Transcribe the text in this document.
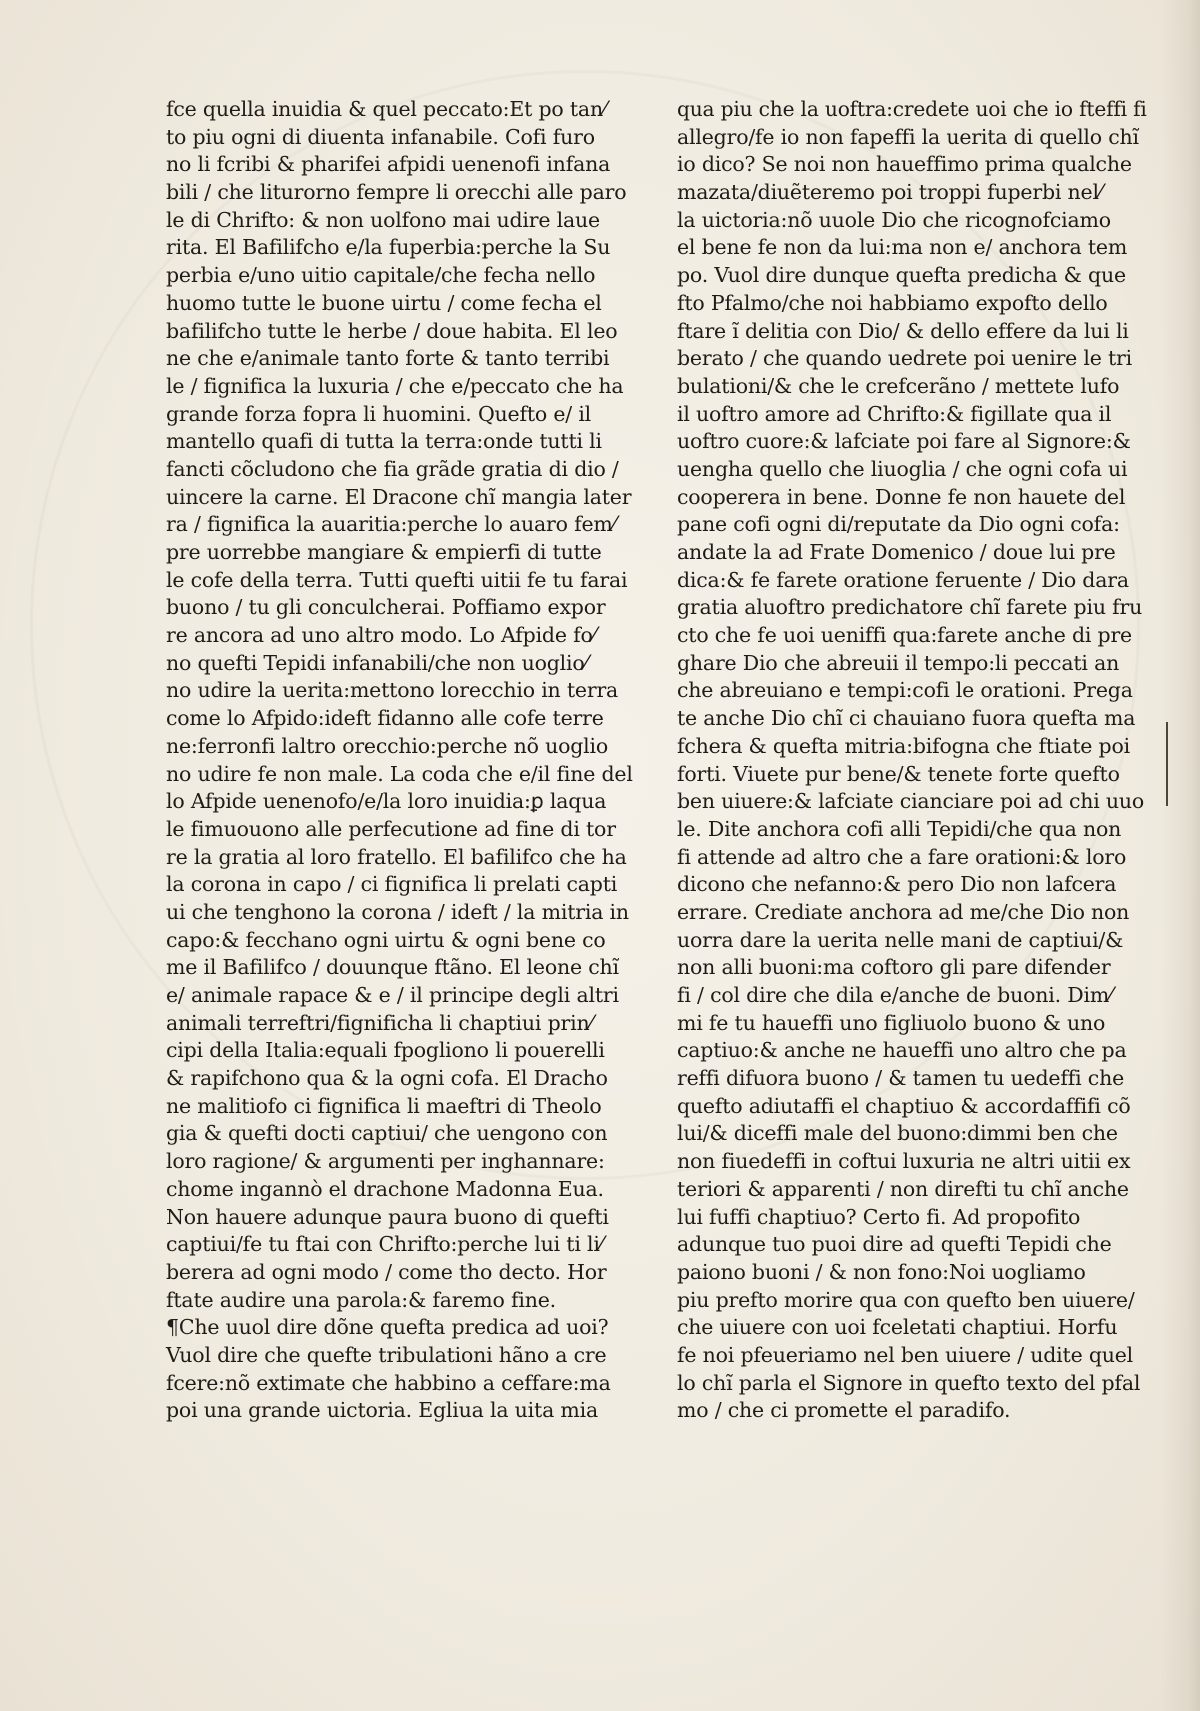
fce quella inuidia & quel peccato:Et po tan⁄
to piu ogni di diuenta infanabile. Cofi furo
no li fcribi & pharifei afpidi uenenofi infana
bili / che liturorno fempre li orecchi alle paro
le di Chrifto: & non uolfono mai udire laue
rita. El Bafilifcho e/la fuperbia:perche la Su
perbia e/uno uitio capitale/che fecha nello
huomo tutte le buone uirtu / come fecha el
bafilifcho tutte le herbe / doue habita. El leo
ne che e/animale tanto forte & tanto terribi
le / fignifica la luxuria / che e/peccato che ha
grande forza fopra li huomini. Quefto e/ il
mantello quafi di tutta la terra:onde tutti li
fancti cõcludono che fia grãde gratia di dio /
uincere la carne. El Dracone chĩ mangia later
ra / fignifica la auaritia:perche lo auaro fem⁄
pre uorrebbe mangiare & empierfi di tutte
le cofe della terra. Tutti quefti uitii fe tu farai
buono / tu gli conculcherai. Poffiamo expor
re ancora ad uno altro modo. Lo Afpide fo⁄
no quefti Tepidi infanabili/che non uoglio⁄
no udire la uerita:mettono lorecchio in terra
come lo Afpido:ideft fidanno alle cofe terre
ne:ferronfi laltro orecchio:perche nõ uoglio
no udire fe non male. La coda che e/il fine del
lo Afpide uenenofo/e/la loro inuidia:ꝑ laqua
le fimuouono alle perfecutione ad fine di tor
re la gratia al loro fratello. El bafilifco che ha
la corona in capo / ci fignifica li prelati capti
ui che tenghono la corona / ideft / la mitria in
capo:& fecchano ogni uirtu & ogni bene co
me il Bafilifco / douunque ftãno. El leone chĩ
e/ animale rapace & e / il principe degli altri
animali terreftri/fignificha li chaptiui prin⁄
cipi della Italia:equali fpogliono li pouerelli
& rapifchono qua & la ogni cofa. El Dracho
ne malitiofo ci fignifica li maeftri di Theolo
gia & quefti docti captiui/ che uengono con
loro ragione/ & argumenti per inghannare:
chome ingannò el drachone Madonna Eua.
Non hauere adunque paura buono di quefti
captiui/fe tu ftai con Chrifto:perche lui ti li⁄
berera ad ogni modo / come tho decto. Hor
ftate audire una parola:& faremo fine.
¶Che uuol dire dõne quefta predica ad uoi?
Vuol dire che quefte tribulationi hãno a cre
fcere:nõ extimate che habbino a ceffare:ma
poi una grande uictoria. Egliua la uita mia
qua piu che la uoftra:credete uoi che io fteffi fi
allegro/fe io non fapeffi la uerita di quello chĩ
io dico? Se noi non haueffimo prima qualche
mazata/diuẽteremo poi troppi fuperbi nel⁄
la uictoria:nõ uuole Dio che ricognofciamo
el bene fe non da lui:ma non e/ anchora tem
po. Vuol dire dunque quefta predicha & que
fto Pfalmo/che noi habbiamo expofto dello
ftare ĩ delitia con Dio/ & dello effere da lui li
berato / che quando uedrete poi uenire le tri
bulationi/& che le crefcerãno / mettete lufo
il uoftro amore ad Chrifto:& figillate qua il
uoftro cuore:& lafciate poi fare al Signore:&
uengha quello che liuoglia / che ogni cofa ui
cooperera in bene. Donne fe non hauete del
pane cofi ogni di/reputate da Dio ogni cofa:
andate la ad Frate Domenico / doue lui pre
dica:& fe farete oratione feruente / Dio dara
gratia aluoftro predichatore chĩ farete piu fru
cto che fe uoi ueniffi qua:farete anche di pre
ghare Dio che abreuii il tempo:li peccati an
che abreuiano e tempi:cofi le orationi. Prega
te anche Dio chĩ ci chauiano fuora quefta ma
fchera & quefta mitria:bifogna che ftiate poi
forti. Viuete pur bene/& tenete forte quefto
ben uiuere:& lafciate cianciare poi ad chi uuo
le. Dite anchora cofi alli Tepidi/che qua non
fi attende ad altro che a fare orationi:& loro
dicono che nefanno:& pero Dio non lafcera
errare. Crediate anchora ad me/che Dio non
uorra dare la uerita nelle mani de captiui/&
non alli buoni:ma coftoro gli pare difender
fi / col dire che dila e/anche de buoni. Dim⁄
mi fe tu haueffi uno figliuolo buono & uno
captiuo:& anche ne haueffi uno altro che pa
reffi difuora buono / & tamen tu uedeffi che
quefto adiutaffi el chaptiuo & accordaffifi cõ
lui/& diceffi male del buono:dimmi ben che
non fiuedeffi in coftui luxuria ne altri uitii ex
teriori & apparenti / non direfti tu chĩ anche
lui fuffi chaptiuo? Certo fi. Ad propofito
adunque tuo puoi dire ad quefti Tepidi che
paiono buoni / & non fono:Noi uogliamo
piu prefto morire qua con quefto ben uiuere/
che uiuere con uoi fceletati chaptiui. Horfu
fe noi pfeueriamo nel ben uiuere / udite quel
lo chĩ parla el Signore in quefto texto del pfal
mo / che ci promette el paradifo.
